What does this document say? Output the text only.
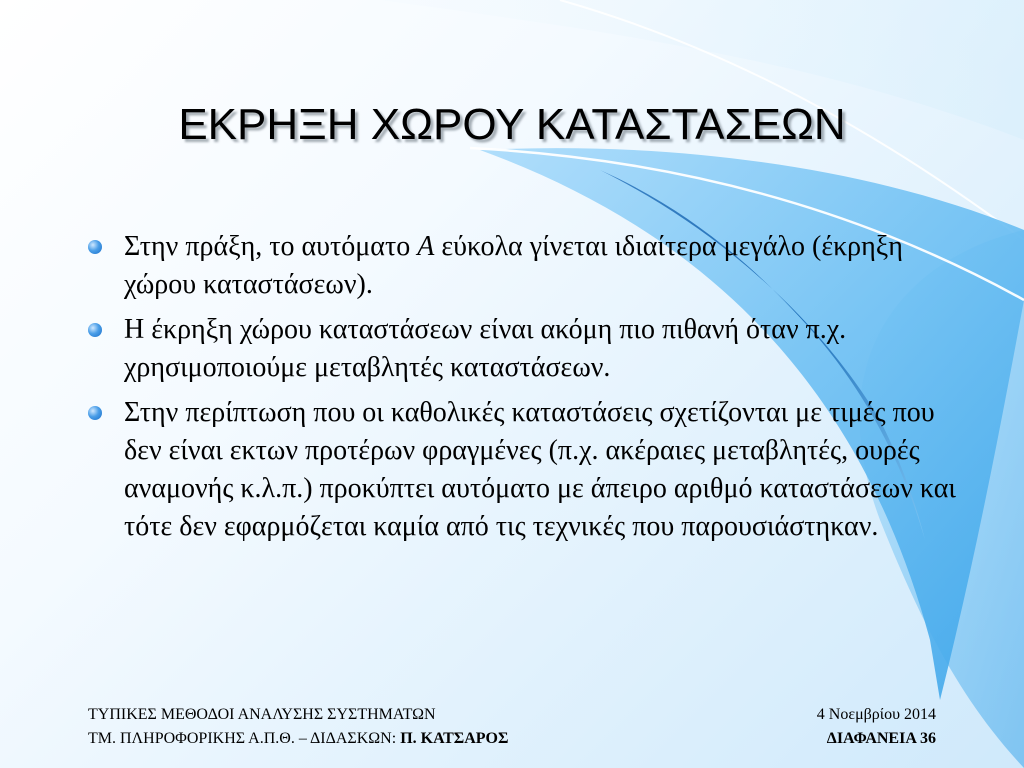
ΕΚΡΗΞΗ ΧΩΡΟΥ ΚΑΤΑΣΤΑΣΕΩΝ
Στην πράξη, το αυτόματο A εύκολα γίνεται ιδιαίτερα μεγάλο (έκρηξη χώρου καταστάσεων).
Η έκρηξη χώρου καταστάσεων είναι ακόμη πιο πιθανή όταν π.χ. χρησιμοποιούμε μεταβλητές καταστάσεων.
Στην περίπτωση που οι καθολικές καταστάσεις σχετίζονται με τιμές που δεν είναι εκτων προτέρων φραγμένες (π.χ. ακέραιες μεταβλητές, ουρές αναμονής κ.λ.π.) προκύπτει αυτόματο με άπειρο αριθμό καταστάσεων και τότε δεν εφαρμόζεται καμία από τις τεχνικές που παρουσιάστηκαν.
ΤΥΠΙΚΕΣ ΜΕΘΟΔΟΙ ΑΝΑΛΥΣΗΣ ΣΥΣΤΗΜΑΤΩΝ
ΤΜ. ΠΛΗΡΟΦΟΡΙΚΗΣ Α.Π.Θ. – ΔΙΔΑΣΚΩΝ: Π. ΚΑΤΣΑΡΟΣ
4 Νοεμβρίου 2014
ΔΙΑΦΑΝΕΙΑ 36
